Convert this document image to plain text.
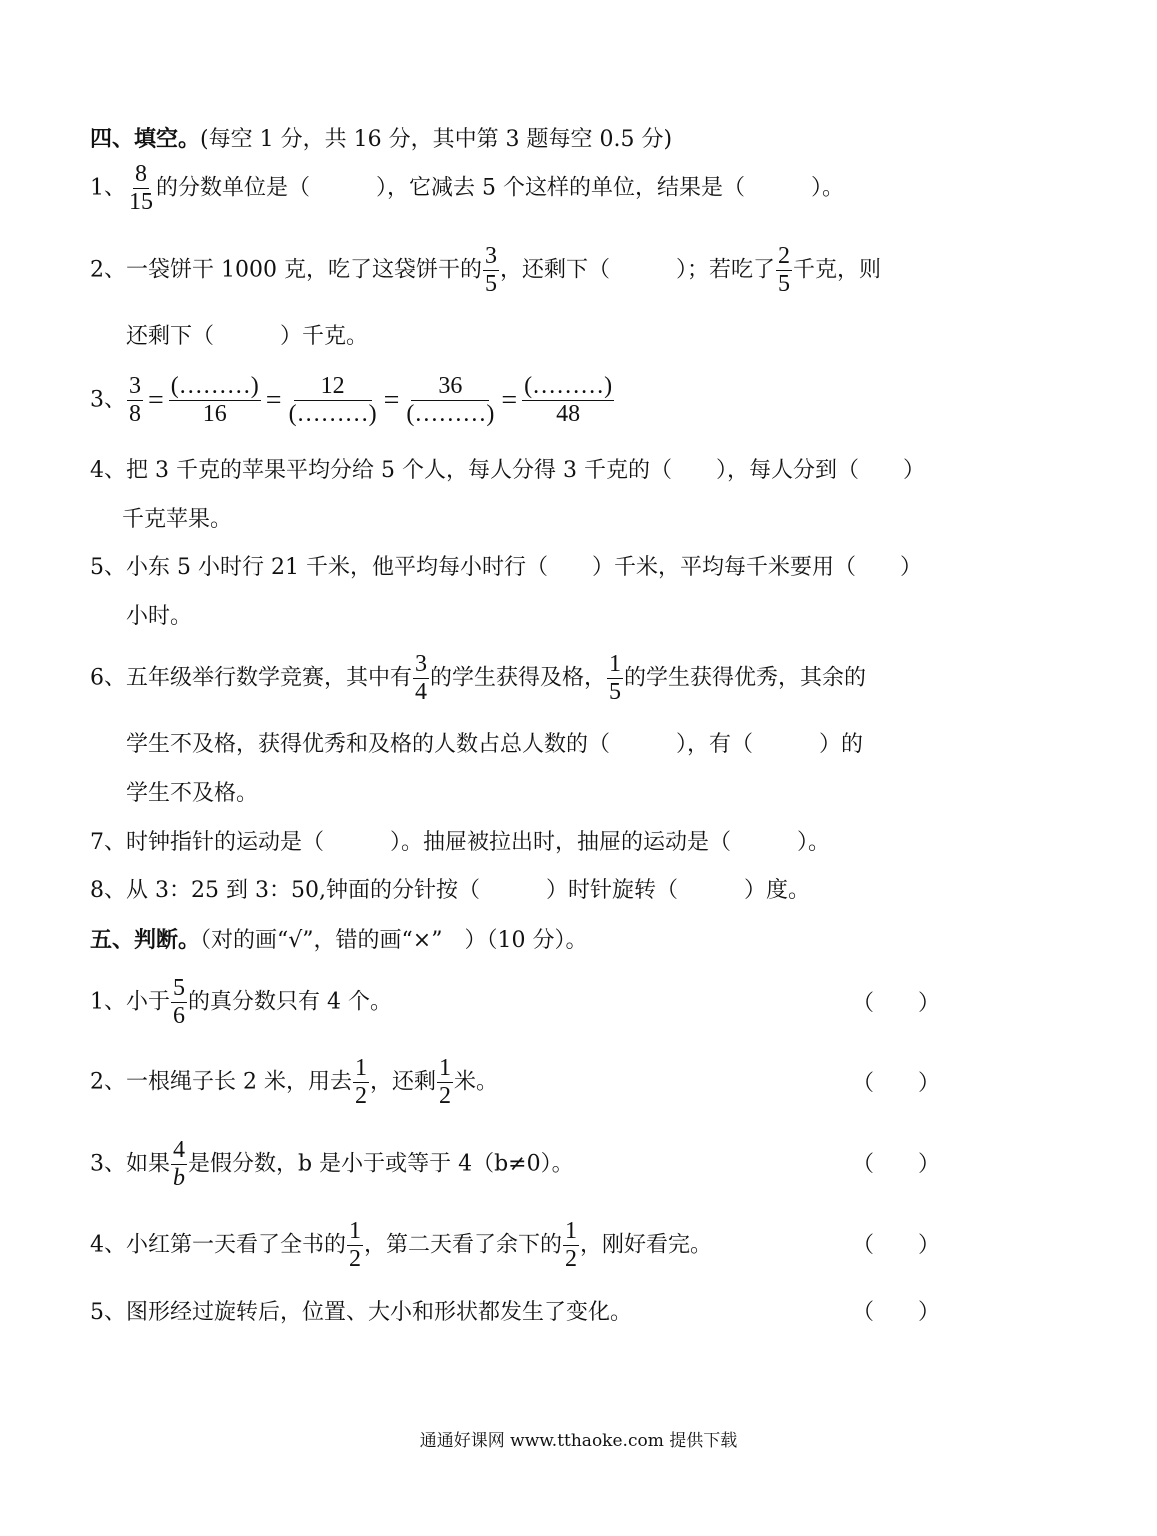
四、填空。(每空 1 分，共 16 分，其中第 3 题每空 0.5 分)
1、 $\frac{8}{15}$ 的分数单位是（　　　），它减去 5 个这样的单位，结果是（　　　）。
2、一袋饼干 1000 克，吃了这袋饼干的 $\frac{3}{5}$ ，还剩下（　　　）；若吃了 $\frac{2}{5}$ 千克，则
还剩下（　　　）千克。
3、 $\frac{3}{8} = \frac{(\dots\dots\dots)}{16} = \frac{12}{(\dots\dots\dots)} = \frac{36}{(\dots\dots\dots)} = \frac{(\dots\dots\dots)}{48}$
4、把 3 千克的苹果平均分给 5 个人，每人分得 3 千克的（　　），每人分到（　　）
千克苹果。
5、小东 5 小时行 21 千米，他平均每小时行（　　）千米，平均每千米要用（　　）
小时。
6、五年级举行数学竞赛，其中有 $\frac{3}{4}$ 的学生获得及格， $\frac{1}{5}$ 的学生获得优秀，其余的
学生不及格，获得优秀和及格的人数占总人数的（　　　），有（　　　）的
学生不及格。
7、时钟指针的运动是（　　　）。抽屉被拉出时，抽屉的运动是（　　　）。
8、从 3：25 到 3：50,钟面的分针按（　　　）时针旋转（　　　）度。
五、判断。（对的画“√”，错的画“×”　）（10 分）。
1、小于 $\frac{5}{6}$ 的真分数只有 4 个。	（　　）
2、一根绳子长 2 米，用去 $\frac{1}{2}$ ，还剩 $\frac{1}{2}$ 米。	（　　）
3、如果 $\frac{4}{b}$ 是假分数，b 是小于或等于 4（b≠0）。	（　　）
4、小红第一天看了全书的 $\frac{1}{2}$ ，第二天看了余下的 $\frac{1}{2}$ ，刚好看完。	（　　）
5、图形经过旋转后，位置、大小和形状都发生了变化。	（　　）
通通好课网 www.tthaoke.com 提供下载
